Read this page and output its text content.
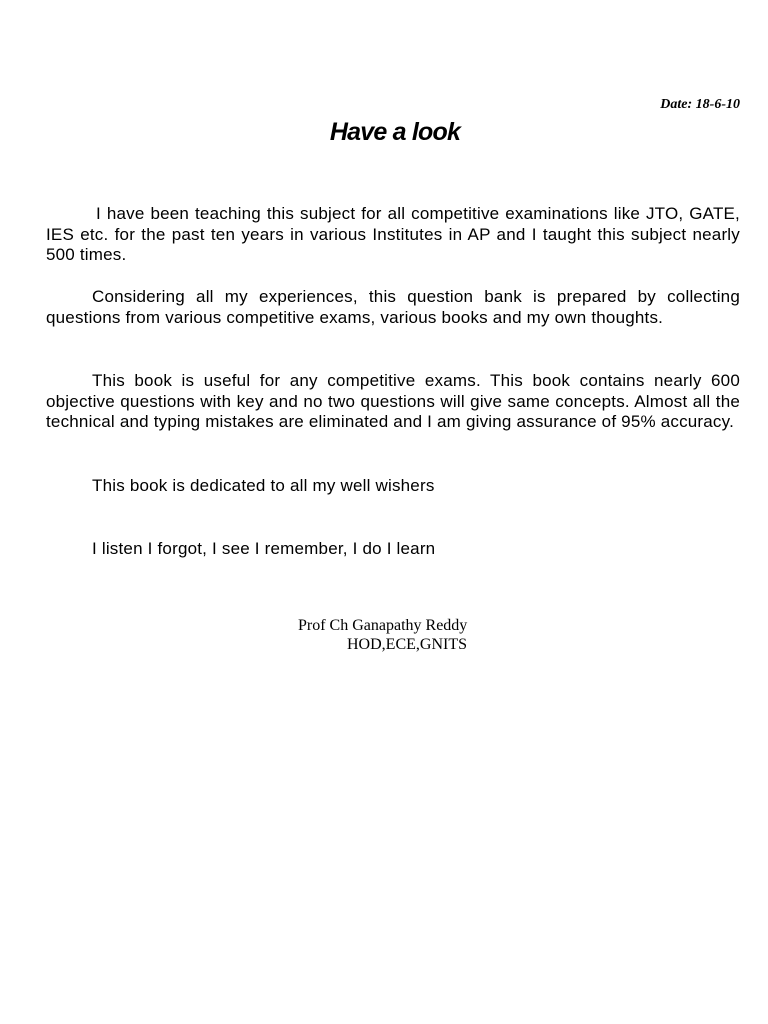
Date: 18-6-10
Have a look

I have been teaching this subject for all competitive examinations like JTO, GATE, IES etc. for the past ten years in various Institutes in AP and I taught this subject nearly 500 times.

Considering all my experiences, this question bank is prepared by collecting questions from various competitive exams, various books and my own thoughts.

This book is useful for any competitive exams. This book contains nearly 600 objective questions with key and no two questions will give same concepts. Almost all the technical and typing mistakes are eliminated and I am giving assurance of 95% accuracy.

This book is dedicated to all my well wishers

I listen I forgot, I see I remember, I do I learn

Prof Ch Ganapathy Reddy
HOD,ECE,GNITS
